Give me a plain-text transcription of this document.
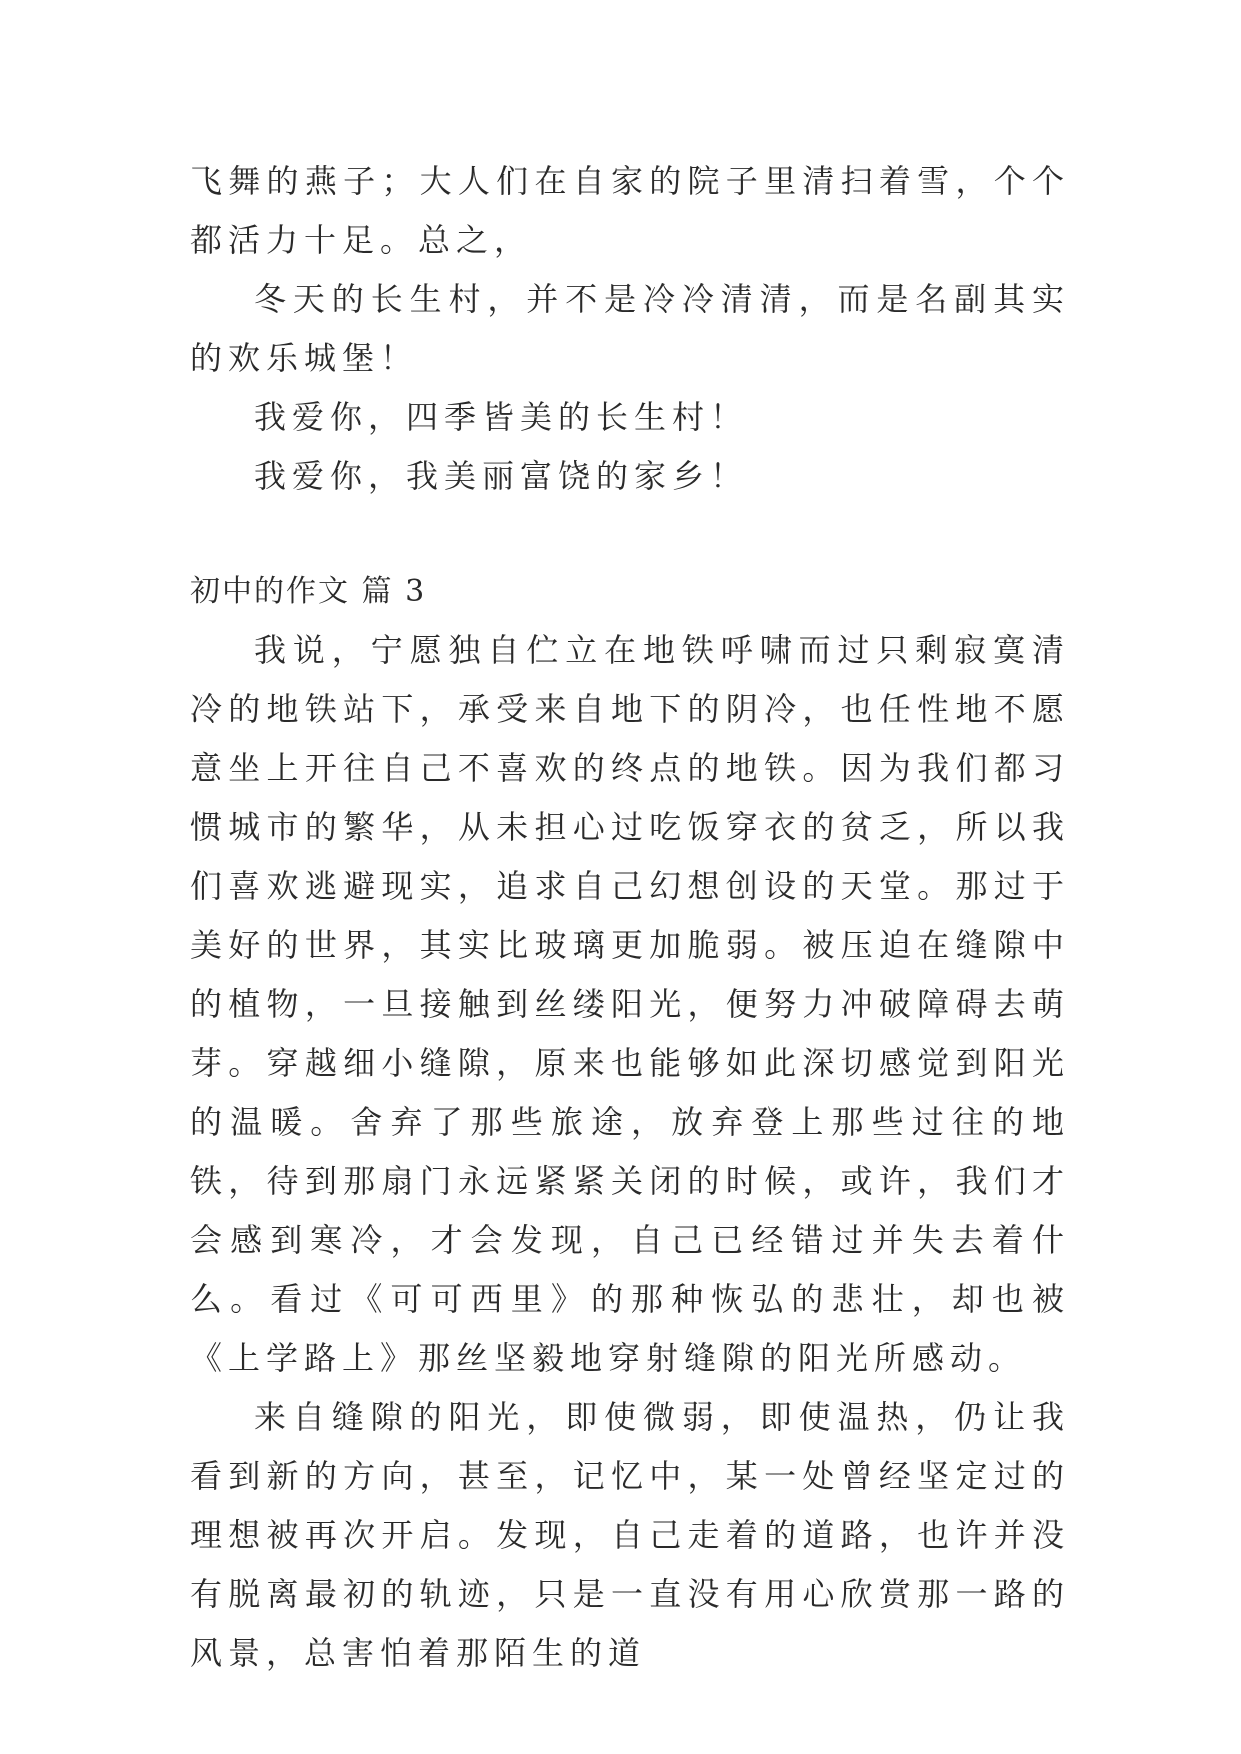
飞舞的燕子；大人们在自家的院子里清扫着雪，个个都活力十足。总之，

冬天的长生村，并不是冷冷清清，而是名副其实的欢乐城堡！

我爱你，四季皆美的长生村！

我爱你，我美丽富饶的家乡！

初中的作文 篇 3

我说，宁愿独自伫立在地铁呼啸而过只剩寂寞清冷的地铁站下，承受来自地下的阴冷，也任性地不愿意坐上开往自己不喜欢的终点的地铁。因为我们都习惯城市的繁华，从未担心过吃饭穿衣的贫乏，所以我们喜欢逃避现实，追求自己幻想创设的天堂。那过于美好的世界，其实比玻璃更加脆弱。被压迫在缝隙中的植物，一旦接触到丝缕阳光，便努力冲破障碍去萌芽。穿越细小缝隙，原来也能够如此深切感觉到阳光的温暖。舍弃了那些旅途，放弃登上那些过往的地铁，待到那扇门永远紧紧关闭的时候，或许，我们才会感到寒冷，才会发现，自己已经错过并失去着什么。看过《可可西里》的那种恢弘的悲壮，却也被《上学路上》那丝坚毅地穿射缝隙的阳光所感动。

来自缝隙的阳光，即使微弱，即使温热，仍让我看到新的方向，甚至，记忆中，某一处曾经坚定过的理想被再次开启。发现，自己走着的道路，也许并没有脱离最初的轨迹，只是一直没有用心欣赏那一路的风景，总害怕着那陌生的道
